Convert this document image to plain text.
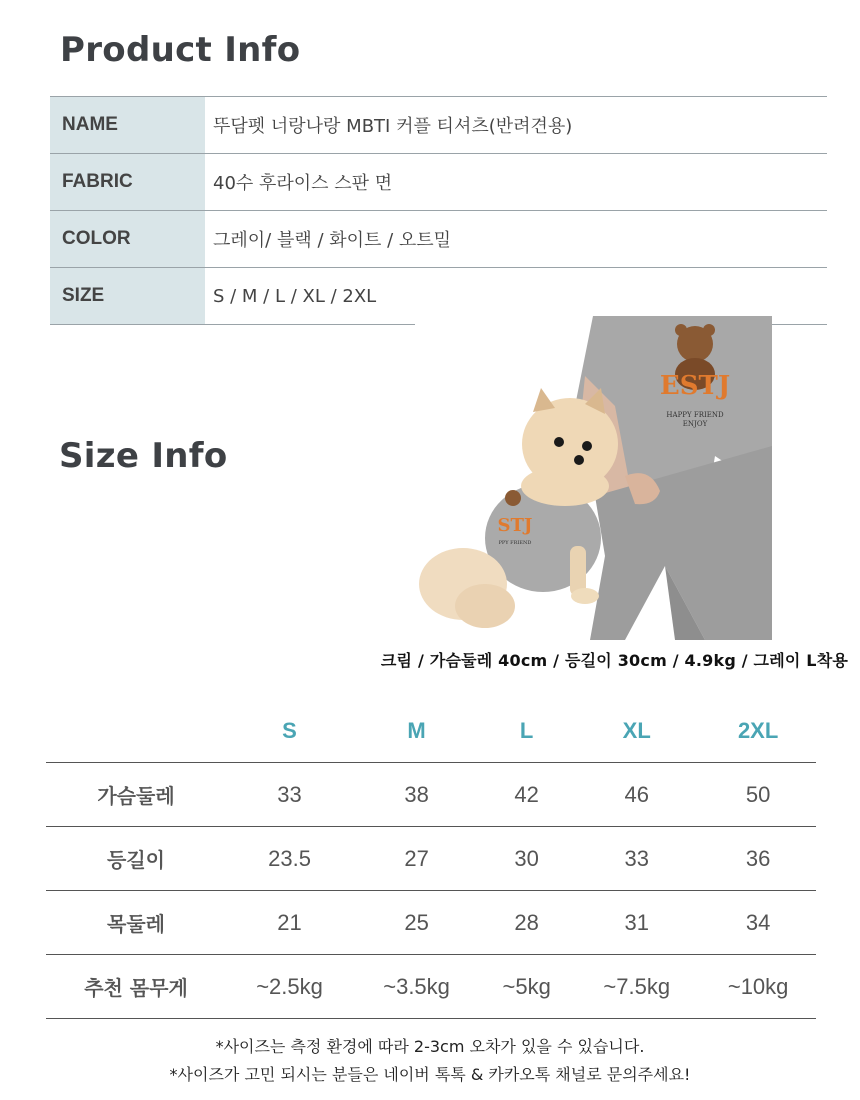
Product Info
NAME	뚜담펫 너랑나랑 MBTI 커플 티셔츠(반려견용)
FABRIC	40수 후라이스 스판 면
COLOR	그레이/ 블랙 / 화이트 / 오트밀
SIZE	S / M / L / XL / 2XL
Size Info
ESTJ
HAPPY FRIEND
ENJOY
STJ
PPY FRIEND
크림 / 가슴둘레 40cm / 등길이 30cm / 4.9kg / 그레이 L착용
	S	M	L	XL	2XL
가슴둘레	33	38	42	46	50
등길이	23.5	27	30	33	36
목둘레	21	25	28	31	34
추천 몸무게	~2.5kg	~3.5kg	~5kg	~7.5kg	~10kg
*사이즈는 측정 환경에 따라 2-3cm 오차가 있을 수 있습니다.
*사이즈가 고민 되시는 분들은 네이버 톡톡 & 카카오톡 채널로 문의주세요!
